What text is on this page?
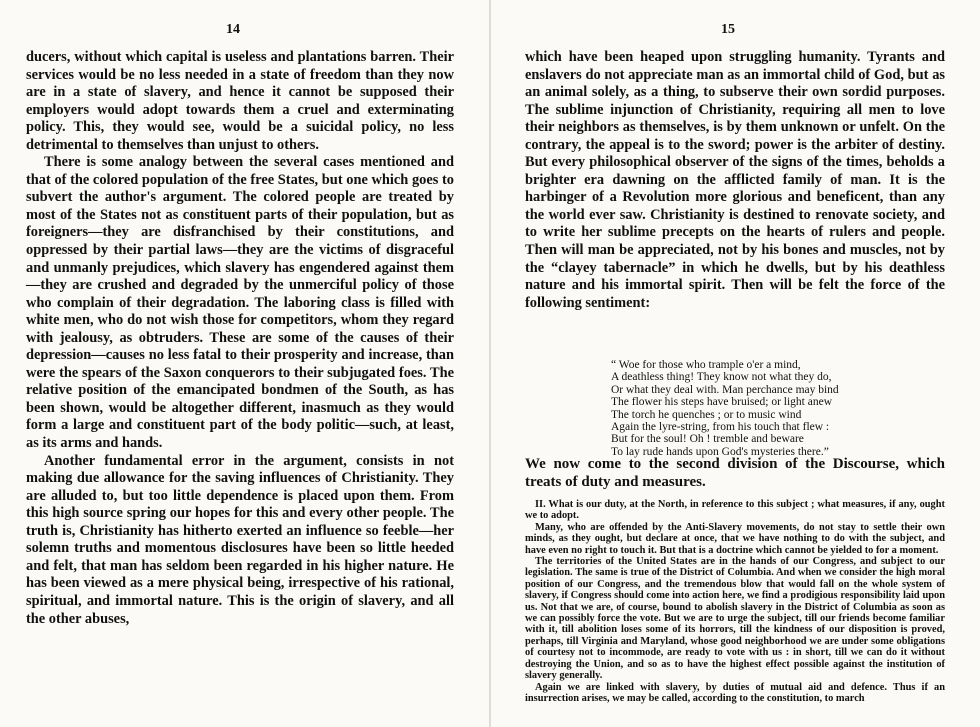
14

ducers, without which capital is useless and plantations barren. Their services would be no less needed in a state of freedom than they now are in a state of slavery, and hence it cannot be supposed their employers would adopt towards them a cruel and exterminating policy. This, they would see, would be a suicidal policy, no less detrimental to themselves than unjust to others.

There is some analogy between the several cases mentioned and that of the colored population of the free States, but one which goes to subvert the author's argument. The colored people are treated by most of the States not as constituent parts of their population, but as foreigners—they are disfranchised by their constitutions, and oppressed by their partial laws—they are the victims of disgraceful and unmanly prejudices, which slavery has engendered against them—they are crushed and degraded by the unmerciful policy of those who complain of their degradation. The laboring class is filled with white men, who do not wish those for competitors, whom they regard with jealousy, as obtruders. These are some of the causes of their depression—causes no less fatal to their prosperity and increase, than were the spears of the Saxon conquerors to their subjugated foes. The relative position of the emancipated bondmen of the South, as has been shown, would be altogether different, inasmuch as they would form a large and constituent part of the body politic—such, at least, as its arms and hands.

Another fundamental error in the argument, consists in not making due allowance for the saving influences of Christianity. They are alluded to, but too little dependence is placed upon them. From this high source spring our hopes for this and every other people. The truth is, Christianity has hitherto exerted an influence so feeble—her solemn truths and momentous disclosures have been so little heeded and felt, that man has seldom been regarded in his higher nature. He has been viewed as a mere physical being, irrespective of his rational, spiritual, and immortal nature. This is the origin of slavery, and all the other abuses,

15

which have been heaped upon struggling humanity. Tyrants and enslavers do not appreciate man as an immortal child of God, but as an animal solely, as a thing, to subserve their own sordid purposes. The sublime injunction of Christianity, requiring all men to love their neighbors as themselves, is by them unknown or unfelt. On the contrary, the appeal is to the sword; power is the arbiter of destiny. But every philosophical observer of the signs of the times, beholds a brighter era dawning on the afflicted family of man. It is the harbinger of a Revolution more glorious and beneficent, than any the world ever saw. Christianity is destined to renovate society, and to write her sublime precepts on the hearts of rulers and people. Then will man be appreciated, not by his bones and muscles, not by the “clayey tabernacle” in which he dwells, but by his deathless nature and his immortal spirit. Then will be felt the force of the following sentiment:

“ Woe for those who trample o'er a mind,
A deathless thing! They know not what they do,
Or what they deal with. Man perchance may bind
The flower his steps have bruised; or light anew
The torch he quenches ; or to music wind
Again the lyre-string, from his touch that flew :
But for the soul! Oh ! tremble and beware
To lay rude hands upon God's mysteries there.”
We now come to the second division of the Discourse, which treats of duty and measures.

II. What is our duty, at the North, in reference to this subject ; what measures, if any, ought we to adopt.

Many, who are offended by the Anti-Slavery movements, do not stay to settle their own minds, as they ought, but declare at once, that we have nothing to do with the subject, and have even no right to touch it. But that is a doctrine which cannot be yielded to for a moment.

The territories of the United States are in the hands of our Congress, and subject to our legislation. The same is true of the District of Columbia. And when we consider the high moral position of our Congress, and the tremendous blow that would fall on the whole system of slavery, if Congress should come into action here, we find a prodigious responsibility laid upon us. Not that we are, of course, bound to abolish slavery in the District of Columbia as soon as we can possibly force the vote. But we are to urge the subject, till our friends become familiar with it, till abolition loses some of its horrors, till the kindness of our disposition is proved, perhaps, till Virginia and Maryland, whose good neighborhood we are under some obligations of courtesy not to incommode, are ready to vote with us : in short, till we can do it without destroying the Union, and so as to have the highest effect possible against the institution of slavery generally.

Again we are linked with slavery, by duties of mutual aid and defence. Thus if an insurrection arises, we may be called, according to the constitution, to march
